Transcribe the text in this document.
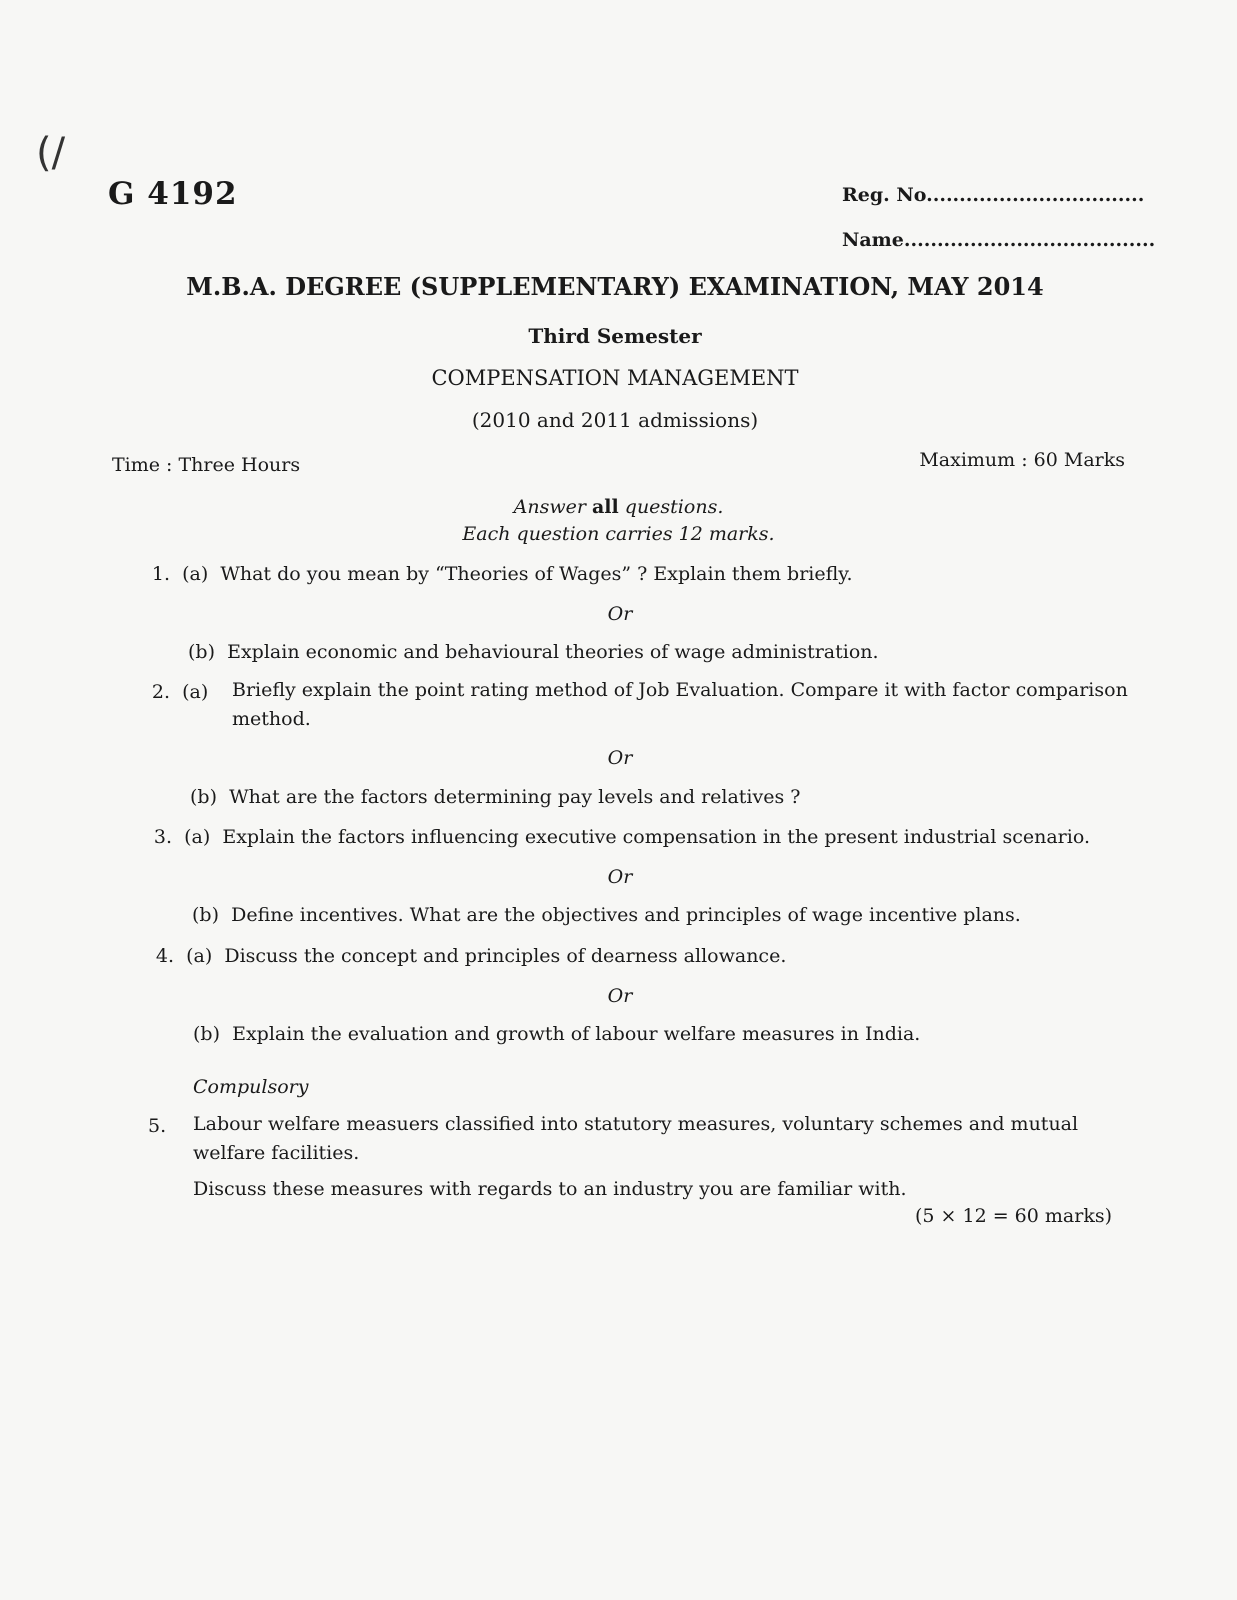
(/
G 4192	Reg. No.................................
Name......................................
M.B.A. DEGREE (SUPPLEMENTARY) EXAMINATION, MAY 2014
Third Semester
COMPENSATION MANAGEMENT
(2010 and 2011 admissions)
Time : Three Hours	Maximum : 60 Marks
Answer all questions.
Each question carries 12 marks.
1. (a) What do you mean by “Theories of Wages” ? Explain them briefly.
Or
(b) Explain economic and behavioural theories of wage administration.
2. (a) Briefly explain the point rating method of Job Evaluation. Compare it with factor comparison method.
Or
(b) What are the factors determining pay levels and relatives ?
3. (a) Explain the factors influencing executive compensation in the present industrial scenario.
Or
(b) Define incentives. What are the objectives and principles of wage incentive plans.
4. (a) Discuss the concept and principles of dearness allowance.
Or
(b) Explain the evaluation and growth of labour welfare measures in India.
Compulsory
5. Labour welfare measuers classified into statutory measures, voluntary schemes and mutual welfare facilities.
Discuss these measures with regards to an industry you are familiar with.
(5 × 12 = 60 marks)
